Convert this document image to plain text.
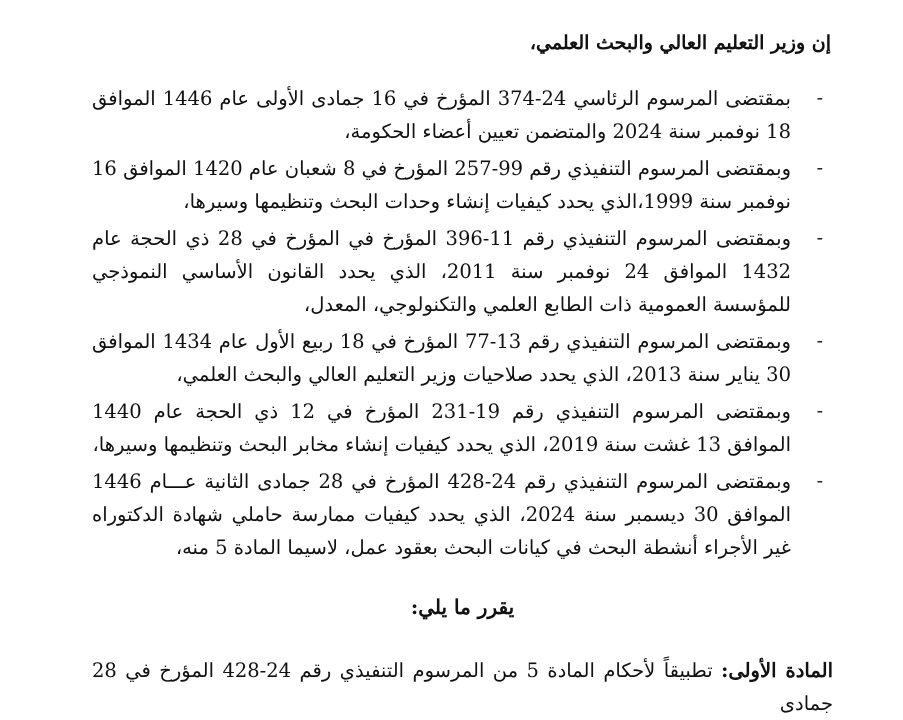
إن وزير التعليم العالي والبحث العلمي،
-
بمقتضى المرسوم الرئاسي 24-374 المؤرخ في 16 جمادى الأولى عام 1446 الموافق 18 نوفمبر سنة 2024 والمتضمن تعيين أعضاء الحكومة،
-
وبمقتضى المرسوم التنفيذي رقم 99-257 المؤرخ في 8 شعبان عام 1420 الموافق 16 نوفمبر سنة 1999،الذي يحدد كيفيات إنشاء وحدات البحث وتنظيمها وسيرها،
-
وبمقتضى المرسوم التنفيذي رقم 11-396 المؤرخ في المؤرخ في 28 ذي الحجة عام 1432 الموافق 24 نوفمبر سنة 2011، الذي يحدد القانون الأساسي النموذجي للمؤسسة العمومية ذات الطابع العلمي والتكنولوجي، المعدل،
-
وبمقتضى المرسوم التنفيذي رقم 13-77 المؤرخ في 18 ربيع الأول عام 1434 الموافق 30 يناير سنة 2013، الذي يحدد صلاحيات وزير التعليم العالي والبحث العلمي،
-
وبمقتضى المرسوم التنفيذي رقم 19-231 المؤرخ في 12 ذي الحجة عام 1440 الموافق 13 غشت سنة 2019، الذي يحدد كيفيات إنشاء مخابر البحث وتنظيمها وسيرها،
-
وبمقتضى المرسوم التنفيذي رقم 24-428 المؤرخ في 28 جمادى الثانية عـــام 1446 الموافق 30 ديسمبر سنة 2024، الذي يحدد كيفيات ممارسة حاملي شهادة الدكتوراه غير الأجراء أنشطة البحث في كيانات البحث بعقود عمل، لاسيما المادة 5 منه،
يقرر ما يلي:

المادة الأولى: تطبيقاً لأحكام المادة 5 من المرسوم التنفيذي رقم 24-428 المؤرخ في 28 جمادى
